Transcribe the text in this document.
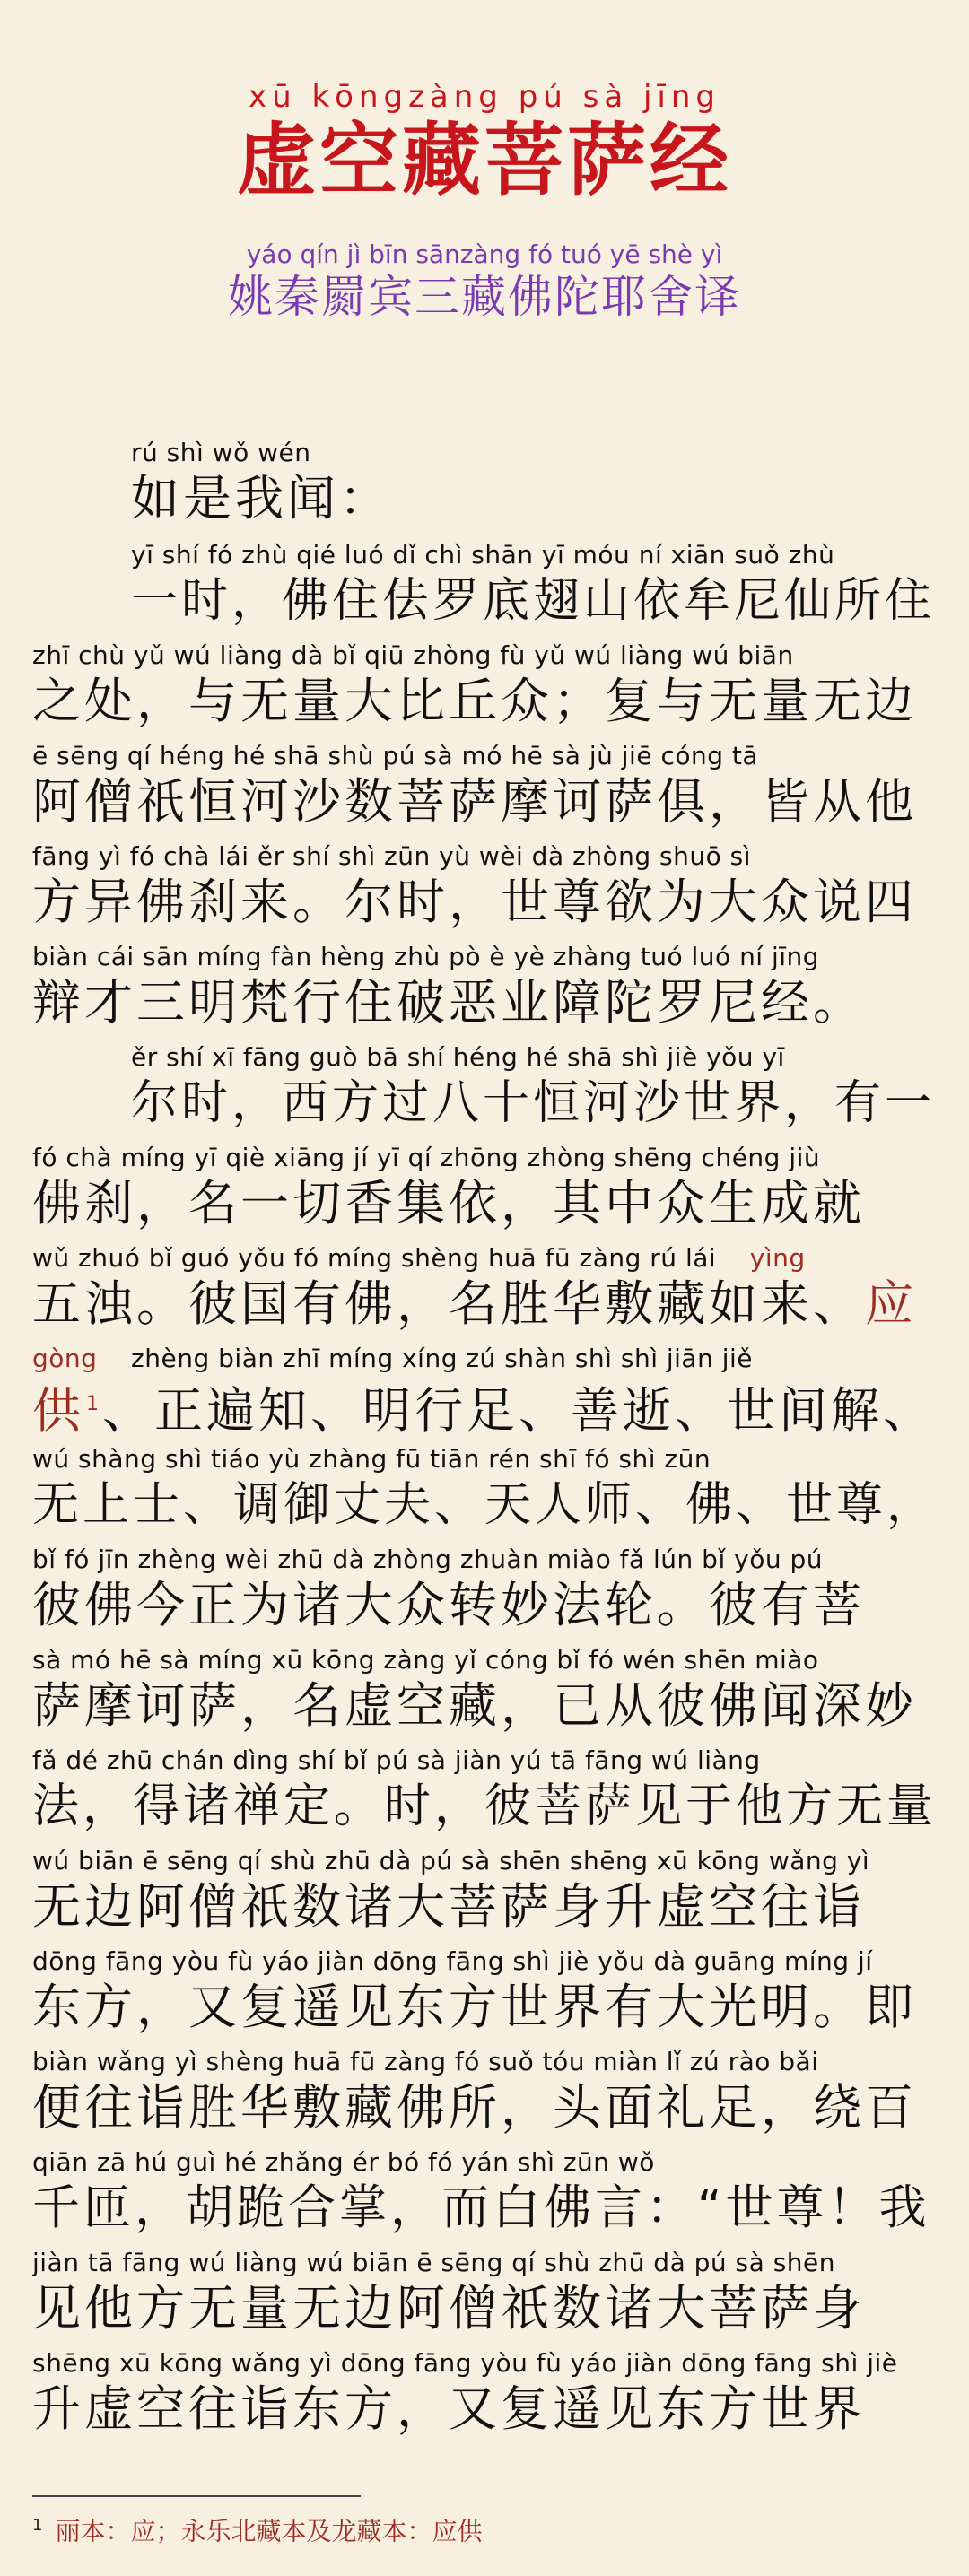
xū kōngzàng pú sà jīng
虚空藏菩萨经
yáo qín jì bīn sānzàng fó tuó yē shè yì
姚秦罽宾三藏佛陀耶舍译
rú shì wǒ wén
如是我闻：
yī shí fó zhù qié luó dǐ chì shān yī móu ní xiān suǒ zhù
一时，佛住佉罗底翅山依牟尼仙所住
zhī chù yǔ wú liàng dà bǐ qiū zhòng fù yǔ wú liàng wú biān
之处，与无量大比丘众；复与无量无边
ē sēng qí héng hé shā shù pú sà mó hē sà jù jiē cóng tā
阿僧祇恒河沙数菩萨摩诃萨俱，皆从他
fāng yì fó chà lái ěr shí shì zūn yù wèi dà zhòng shuō sì
方异佛刹来。尔时，世尊欲为大众说四
biàn cái sān míng fàn hèng zhù pò è yè zhàng tuó luó ní jīng
辩才三明梵行住破恶业障陀罗尼经。
ěr shí xī fāng guò bā shí héng hé shā shì jiè yǒu yī
尔时，西方过八十恒河沙世界，有一
fó chà míng yī qiè xiāng jí yī qí zhōng zhòng shēng chéng jiù
佛刹，名一切香集依，其中众生成就
wǔ zhuó bǐ guó yǒu fó míng shèng huā fū zàng rú lái yìng
五浊。彼国有佛，名胜华敷藏如来、应
gòng zhèng biàn zhī míng xíng zú shàn shì shì jiān jiě
供$^1$、正遍知、明行足、善逝、世间解、
wú shàng shì tiáo yù zhàng fū tiān rén shī fó shì zūn
无上士、调御丈夫、天人师、佛、世尊，
bǐ fó jīn zhèng wèi zhū dà zhòng zhuàn miào fǎ lún bǐ yǒu pú
彼佛今正为诸大众转妙法轮。彼有菩
sà mó hē sà míng xū kōng zàng yǐ cóng bǐ fó wén shēn miào
萨摩诃萨，名虚空藏，已从彼佛闻深妙
fǎ dé zhū chán dìng shí bǐ pú sà jiàn yú tā fāng wú liàng
法，得诸禅定。时，彼菩萨见于他方无量
wú biān ē sēng qí shù zhū dà pú sà shēn shēng xū kōng wǎng yì
无边阿僧祇数诸大菩萨身升虚空往诣
dōng fāng yòu fù yáo jiàn dōng fāng shì jiè yǒu dà guāng míng jí
东方，又复遥见东方世界有大光明。即
biàn wǎng yì shèng huā fū zàng fó suǒ tóu miàn lǐ zú rào bǎi
便往诣胜华敷藏佛所，头面礼足，绕百
qiān zā hú guì hé zhǎng ér bó fó yán shì zūn wǒ
千匝，胡跪合掌，而白佛言：“世尊！我
jiàn tā fāng wú liàng wú biān ē sēng qí shù zhū dà pú sà shēn
见他方无量无边阿僧祇数诸大菩萨身
shēng xū kōng wǎng yì dōng fāng yòu fù yáo jiàn dōng fāng shì jiè
升虚空往诣东方，又复遥见东方世界
$^1$ 丽本：应；永乐北藏本及龙藏本：应供
